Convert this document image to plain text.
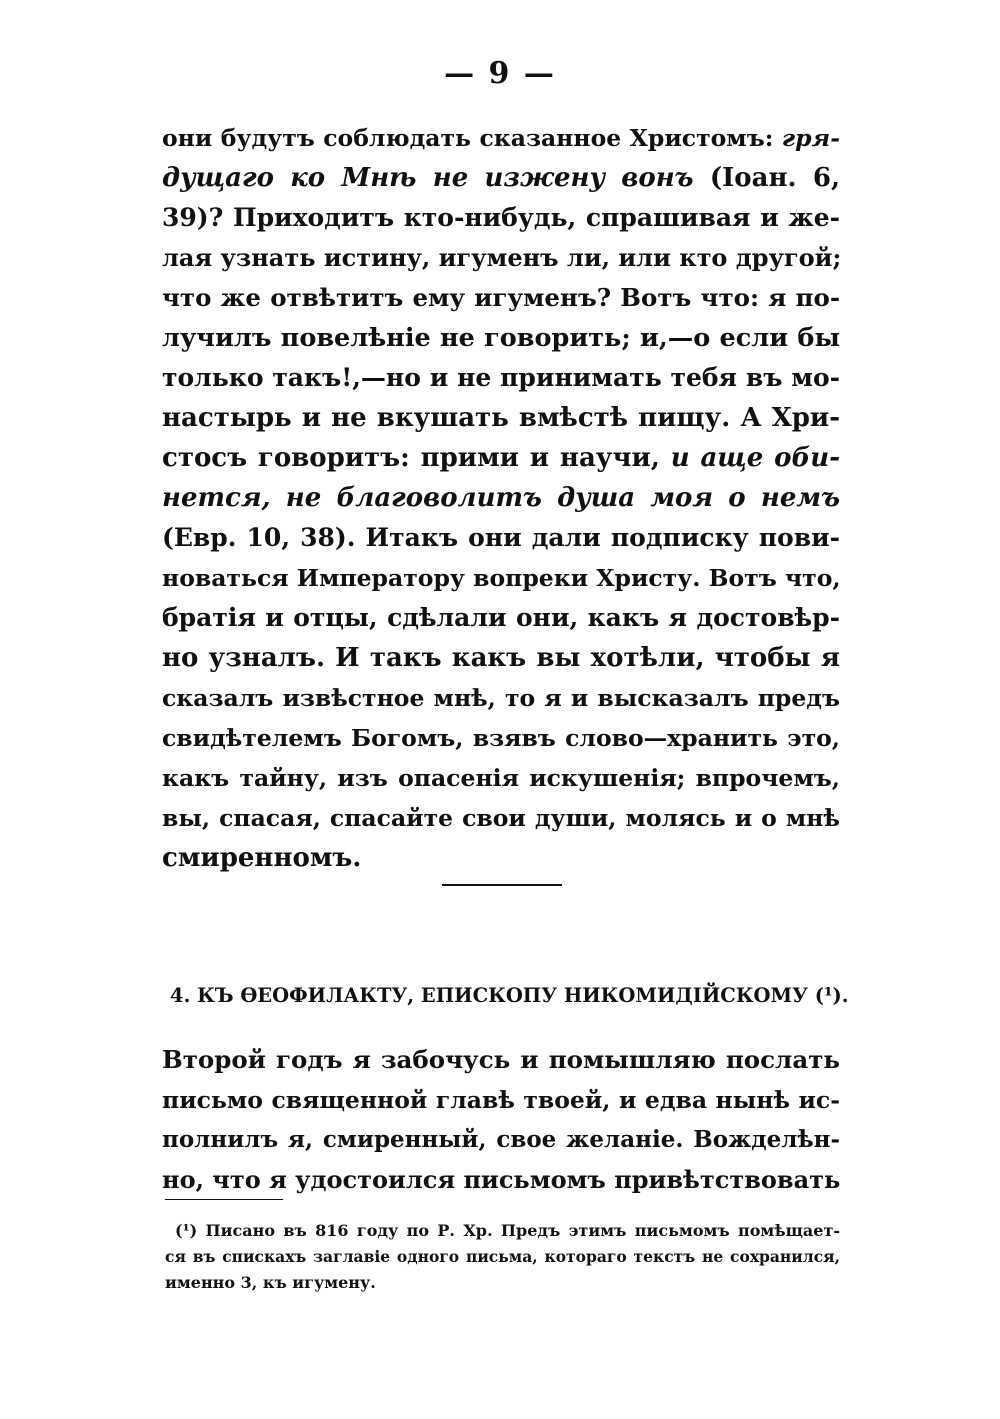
— 9 —
они будутъ соблюдать сказанное Христомъ: гря-
дущаго ко Мнѣ не изжену вонъ (Іоан. 6,
39)? Приходитъ кто-нибудь, спрашивая и же-
лая узнать истину, игуменъ ли, или кто другой;
что же отвѣтитъ ему игуменъ? Вотъ что: я по-
лучилъ повелѣніе не говорить; и,—о если бы
только такъ!,—но и не принимать тебя въ мо-
настырь и не вкушать вмѣстѣ пищу. А Хри-
стосъ говоритъ: прими и научи, и аще оби-
нется, не благоволитъ душа моя о немъ
(Евр. 10, 38). Итакъ они дали подписку пови-
новаться Императору вопреки Христу. Вотъ что,
братія и отцы, сдѣлали они, какъ я достовѣр-
но узналъ. И такъ какъ вы хотѣли, чтобы я
сказалъ извѣстное мнѣ, то я и высказалъ предъ
свидѣтелемъ Богомъ, взявъ слово—хранить это,
какъ тайну, изъ опасенія искушенія; впрочемъ,
вы, спасая, спасайте свои души, молясь и о мнѣ
смиренномъ.
4. КЪ ѲЕОФИЛАКТУ, ЕПИСКОПУ НИКОМИДІЙСКОМУ (¹).
Второй годъ я забочусь и помышляю послать
письмо священной главѣ твоей, и едва нынѣ ис-
полнилъ я, смиренный, свое желаніе. Вожделѣн-
но, что я удостоился письмомъ привѣтствовать
(¹) Писано въ 816 году по Р. Хр. Предъ этимъ письмомъ помѣщает-
ся въ спискахъ заглавіе одного письма, котораго текстъ не сохранился,
именно 3, къ игумену.
